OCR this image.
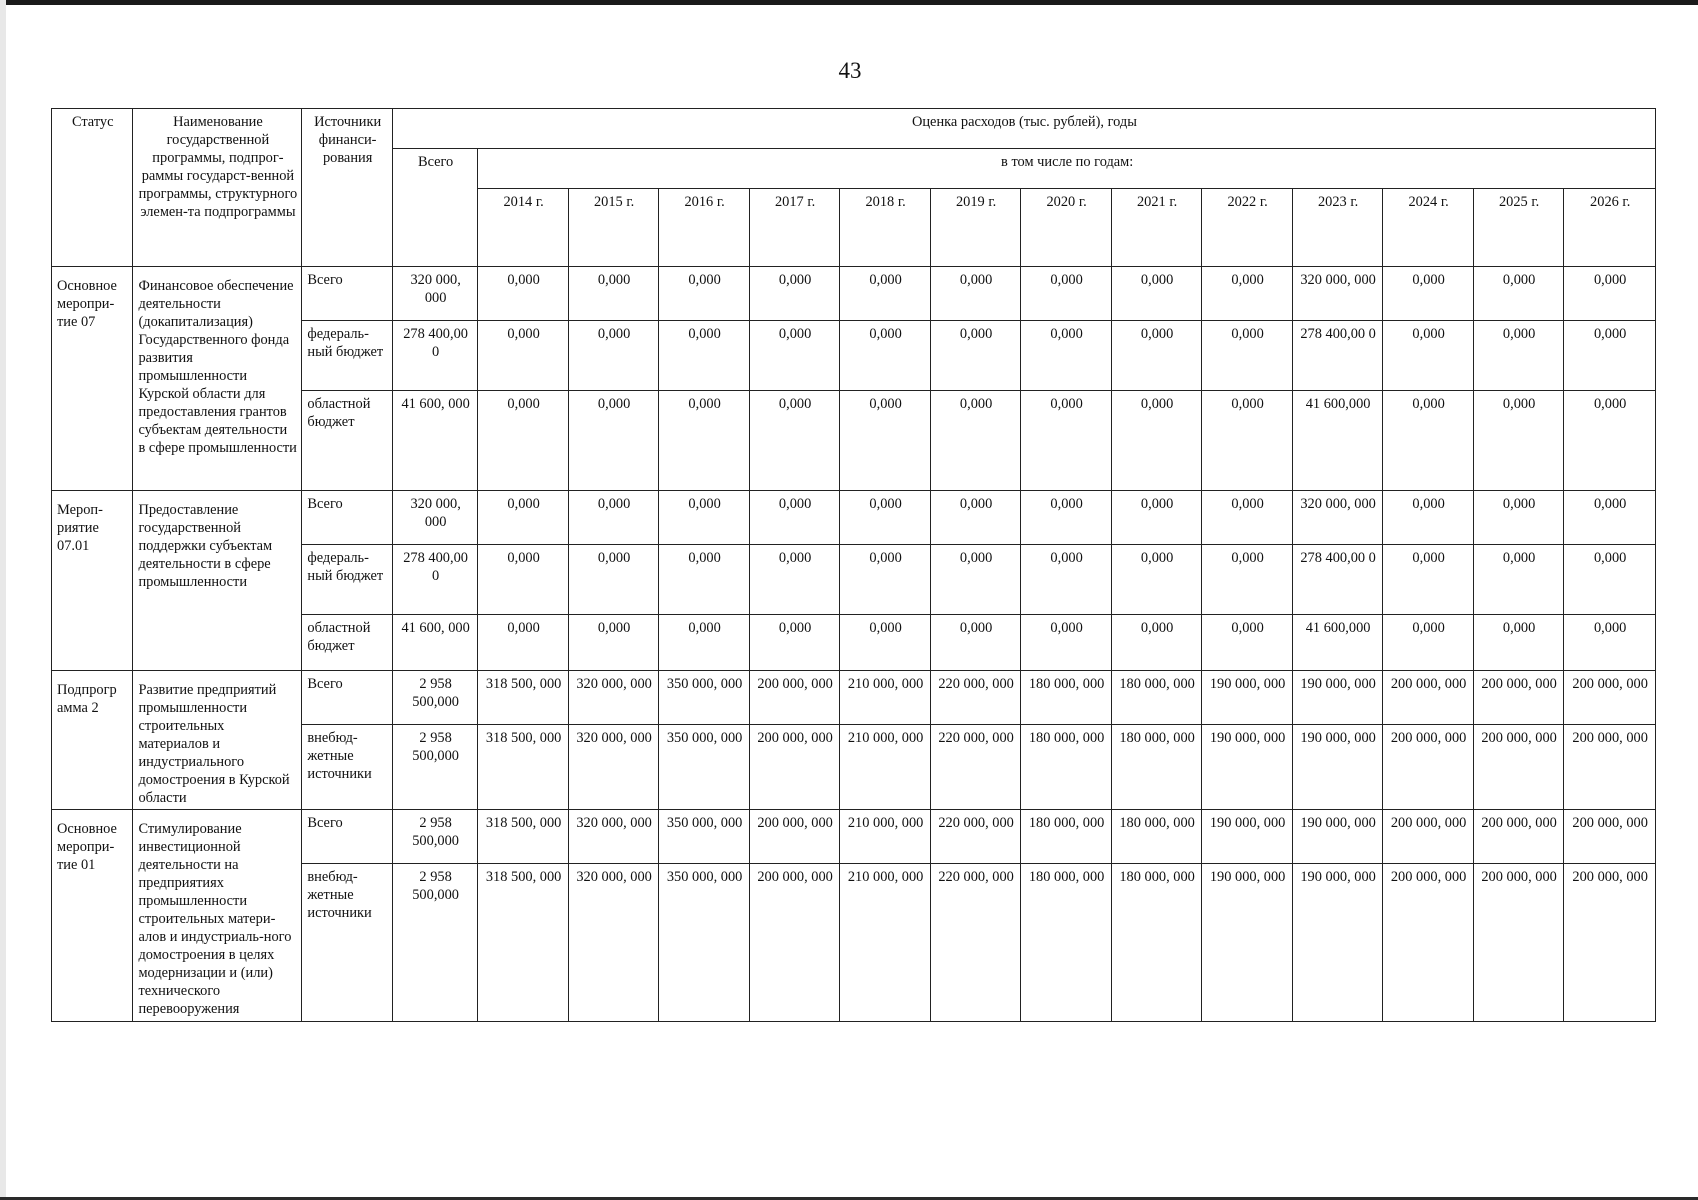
43
Статус	Наименование государственной программы, подпрог-раммы государст-венной программы, структурного элемен-та подпрограммы	Источники финанси-рования	Оценка расходов (тыс. рублей), годы													
			Всего	в том числе по годам:												
				2014 г.	2015 г.	2016 г.	2017 г.	2018 г.	2019 г.	2020 г.	2021 г.	2022 г.	2023 г.	2024 г.	2025 г.	2026 г.
Основное меропри-тие 07	Финансовое обеспечение деятельности (докапитализация) Государственного фонда развития промышленности Курской области для предоставления грантов субъектам деятельности в сфере промышленности	Всего	320 000, 000	0,000	0,000	0,000	0,000	0,000	0,000	0,000	0,000	0,000	320 000, 000	0,000	0,000	0,000
		федераль-ный бюджет	278 400,00 0	0,000	0,000	0,000	0,000	0,000	0,000	0,000	0,000	0,000	278 400,00 0	0,000	0,000	0,000
		областной бюджет	41 600, 000	0,000	0,000	0,000	0,000	0,000	0,000	0,000	0,000	0,000	41 600,000	0,000	0,000	0,000
Мероп-риятие 07.01	Предоставление государственной поддержки субъектам деятельности в сфере промышленности	Всего	320 000, 000	0,000	0,000	0,000	0,000	0,000	0,000	0,000	0,000	0,000	320 000, 000	0,000	0,000	0,000
		федераль-ный бюджет	278 400,00 0	0,000	0,000	0,000	0,000	0,000	0,000	0,000	0,000	0,000	278 400,00 0	0,000	0,000	0,000
		областной бюджет	41 600, 000	0,000	0,000	0,000	0,000	0,000	0,000	0,000	0,000	0,000	41 600,000	0,000	0,000	0,000
Подпрогр амма 2	Развитие предприятий промышленности строительных материалов и индустриального домостроения в Курской области	Всего	2 958 500,000	318 500, 000	320 000, 000	350 000, 000	200 000, 000	210 000, 000	220 000, 000	180 000, 000	180 000, 000	190 000, 000	190 000, 000	200 000, 000	200 000, 000	200 000, 000
		внебюд-жетные источники	2 958 500,000	318 500, 000	320 000, 000	350 000, 000	200 000, 000	210 000, 000	220 000, 000	180 000, 000	180 000, 000	190 000, 000	190 000, 000	200 000, 000	200 000, 000	200 000, 000
Основное меропри-тие 01	Стимулирование инвестиционной деятельности на предприятиях промышленности строительных матери-алов и индустриаль-ного домостроения в целях модернизации и (или) технического перевооружения	Всего	2 958 500,000	318 500, 000	320 000, 000	350 000, 000	200 000, 000	210 000, 000	220 000, 000	180 000, 000	180 000, 000	190 000, 000	190 000, 000	200 000, 000	200 000, 000	200 000, 000
		внебюд-жетные источники	2 958 500,000	318 500, 000	320 000, 000	350 000, 000	200 000, 000	210 000, 000	220 000, 000	180 000, 000	180 000, 000	190 000, 000	190 000, 000	200 000, 000	200 000, 000	200 000, 000
